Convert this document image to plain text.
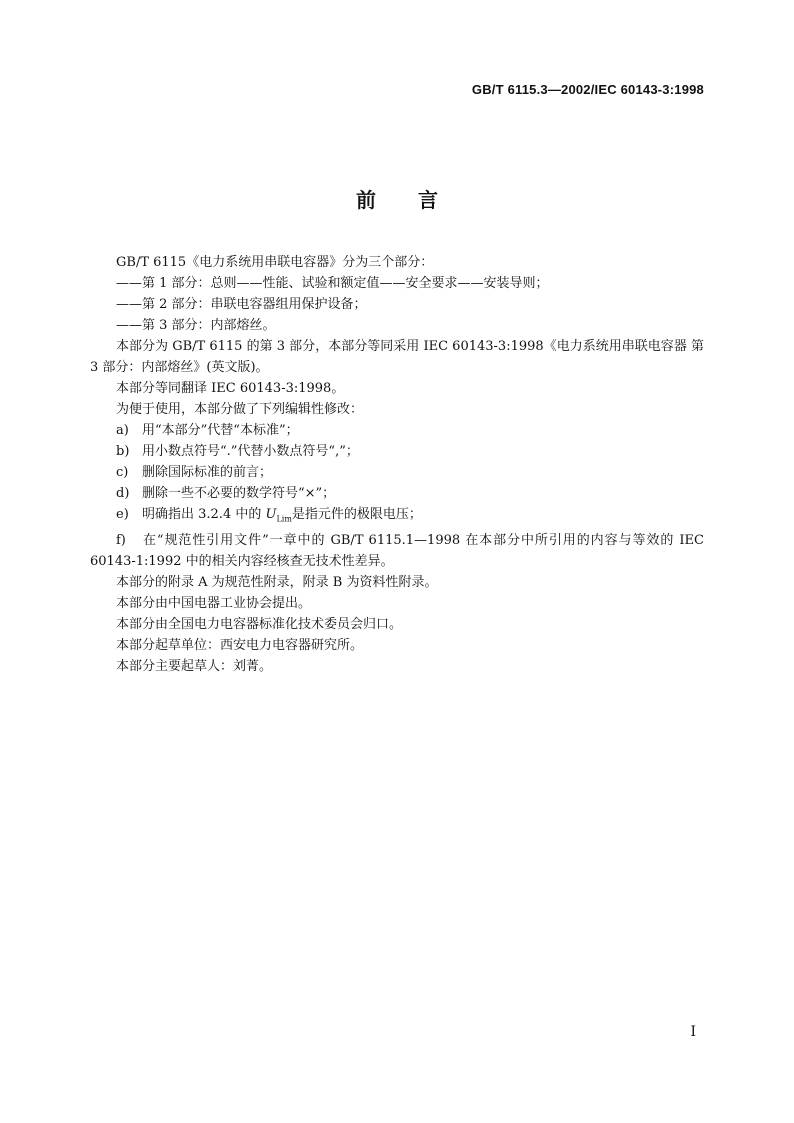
GB/T 6115.3—2002/IEC 60143-3:1998
前言

GB/T 6115《电力系统用串联电容器》分为三个部分：

——第 1 部分：总则——性能、试验和额定值——安全要求——安装导则；

——第 2 部分：串联电容器组用保护设备；

——第 3 部分：内部熔丝。

本部分为 GB/T 6115 的第 3 部分，本部分等同采用 IEC 60143-3:1998《电力系统用串联电容器 第 3 部分：内部熔丝》(英文版)。

本部分等同翻译 IEC 60143-3:1998。

为便于使用，本部分做了下列编辑性修改：

a) 用“本部分”代替“本标准”；

b) 用小数点符号“.”代替小数点符号“,”；

c) 删除国际标准的前言；

d) 删除一些不必要的数学符号“×”；

e) 明确指出 3.2.4 中的 $U_{Lim}$是指元件的极限电压；

f) 在“规范性引用文件”一章中的 GB/T 6115.1—1998 在本部分中所引用的内容与等效的 IEC 60143-1:1992 中的相关内容经核查无技术性差异。

本部分的附录 A 为规范性附录，附录 B 为资料性附录。

本部分由中国电器工业协会提出。

本部分由全国电力电容器标准化技术委员会归口。

本部分起草单位：西安电力电容器研究所。

本部分主要起草人：刘菁。

I
